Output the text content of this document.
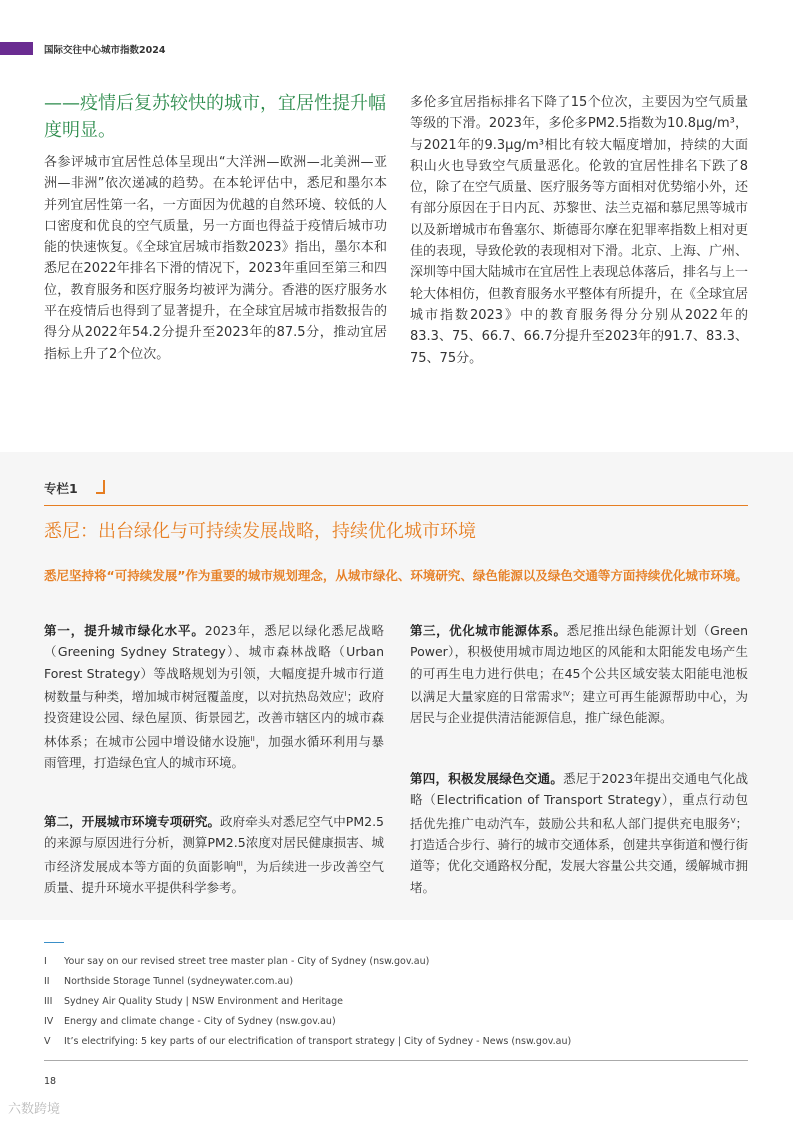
国际交往中心城市指数2024
——疫情后复苏较快的城市，宜居性提升幅度明显。
各参评城市宜居性总体呈现出“大洋洲—欧洲—北美洲—亚洲—非洲”依次递减的趋势。在本轮评估中，悉尼和墨尔本并列宜居性第一名，一方面因为优越的自然环境、较低的人口密度和优良的空气质量，另一方面也得益于疫情后城市功能的快速恢复。《全球宜居城市指数2023》指出，墨尔本和悉尼在2022年排名下滑的情况下，2023年重回至第三和四位，教育服务和医疗服务均被评为满分。香港的医疗服务水平在疫情后也得到了显著提升，在全球宜居城市指数报告的得分从2022年54.2分提升至2023年的87.5分，推动宜居指标上升了2个位次。
多伦多宜居指标排名下降了15个位次，主要因为空气质量等级的下滑。2023年，多伦多PM2.5指数为10.8μg/m³，与2021年的9.3μg/m³相比有较大幅度增加，持续的大面积山火也导致空气质量恶化。伦敦的宜居性排名下跌了8位，除了在空气质量、医疗服务等方面相对优势缩小外，还有部分原因在于日内瓦、苏黎世、法兰克福和慕尼黑等城市以及新增城市布鲁塞尔、斯德哥尔摩在犯罪率指数上相对更佳的表现，导致伦敦的表现相对下滑。北京、上海、广州、深圳等中国大陆城市在宜居性上表现总体落后，排名与上一轮大体相仿，但教育服务水平整体有所提升，在《全球宜居城市指数2023》中的教育服务得分分别从2022年的83.3、75、66.7、66.7分提升至2023年的91.7、83.3、75、75分。
专栏1
悉尼：出台绿化与可持续发展战略，持续优化城市环境
悉尼坚持将“可持续发展”作为重要的城市规划理念，从城市绿化、环境研究、绿色能源以及绿色交通等方面持续优化城市环境。
第一，提升城市绿化水平。2023年，悉尼以绿化悉尼战略（Greening Sydney Strategy）、城市森林战略（Urban Forest Strategy）等战略规划为引领，大幅度提升城市行道树数量与种类，增加城市树冠覆盖度，以对抗热岛效应$^I$；政府投资建设公园、绿色屋顶、街景园艺，改善市辖区内的城市森林体系；在城市公园中增设储水设施$^{II}$，加强水循环利用与暴雨管理，打造绿色宜人的城市环境。
第二，开展城市环境专项研究。政府牵头对悉尼空气中PM2.5的来源与原因进行分析，测算PM2.5浓度对居民健康损害、城市经济发展成本等方面的负面影响$^{III}$，为后续进一步改善空气质量、提升环境水平提供科学参考。
第三，优化城市能源体系。悉尼推出绿色能源计划（Green Power），积极使用城市周边地区的风能和太阳能发电场产生的可再生电力进行供电；在45个公共区域安装太阳能电池板以满足大量家庭的日常需求$^{IV}$；建立可再生能源帮助中心，为居民与企业提供清洁能源信息，推广绿色能源。
第四，积极发展绿色交通。悉尼于2023年提出交通电气化战略（Electrification of Transport Strategy），重点行动包括优先推广电动汽车，鼓励公共和私人部门提供充电服务$^V$；打造适合步行、骑行的城市交通体系，创建共享街道和慢行街道等；优化交通路权分配，发展大容量公共交通，缓解城市拥堵。
I Your say on our revised street tree master plan - City of Sydney (nsw.gov.au)
II Northside Storage Tunnel (sydneywater.com.au)
III Sydney Air Quality Study | NSW Environment and Heritage
IV Energy and climate change - City of Sydney (nsw.gov.au)
V It’s electrifying: 5 key parts of our electrification of transport strategy | City of Sydney - News (nsw.gov.au)
18
六数跨境
